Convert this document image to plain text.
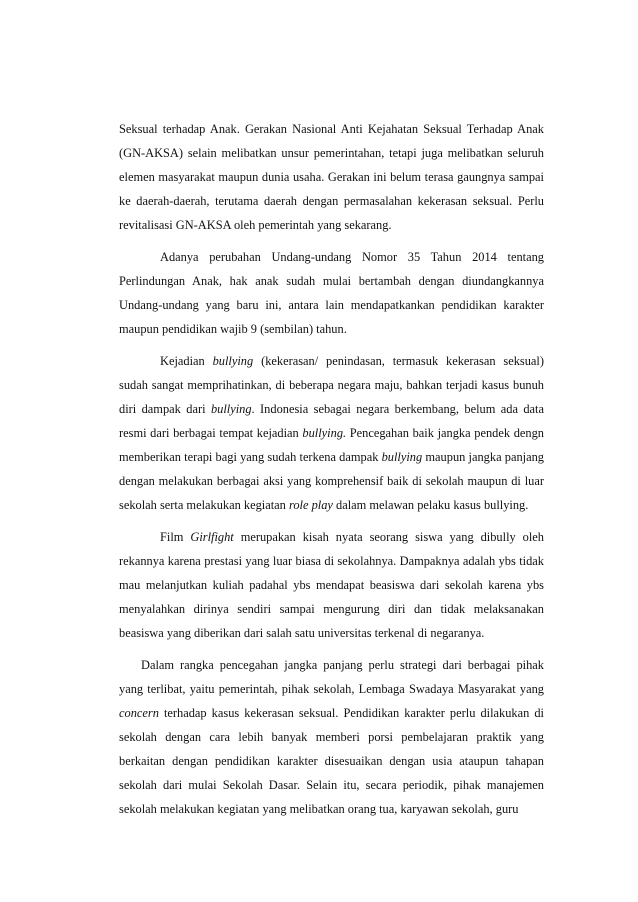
Seksual terhadap Anak. Gerakan Nasional Anti Kejahatan Seksual Terhadap Anak (GN-AKSA) selain melibatkan unsur pemerintahan, tetapi juga melibatkan seluruh elemen masyarakat maupun dunia usaha. Gerakan ini belum terasa gaungnya sampai ke daerah-daerah, terutama daerah dengan permasalahan kekerasan seksual. Perlu revitalisasi GN-AKSA oleh pemerintah yang sekarang.

Adanya perubahan Undang-undang Nomor 35 Tahun 2014 tentang Perlindungan Anak, hak anak sudah mulai bertambah dengan diundangkannya Undang-undang yang baru ini, antara lain mendapatkankan pendidikan karakter maupun pendidikan wajib 9 (sembilan) tahun.

Kejadian bullying (kekerasan/ penindasan, termasuk kekerasan seksual) sudah sangat memprihatinkan, di beberapa negara maju, bahkan terjadi kasus bunuh diri dampak dari bullying. Indonesia sebagai negara berkembang, belum ada data resmi dari berbagai tempat kejadian bullying. Pencegahan baik jangka pendek dengn memberikan terapi bagi yang sudah terkena dampak bullying maupun jangka panjang dengan melakukan berbagai aksi yang komprehensif baik di sekolah maupun di luar sekolah serta melakukan kegiatan role play dalam melawan pelaku kasus bullying.

Film Girlfight merupakan kisah nyata seorang siswa yang dibully oleh rekannya karena prestasi yang luar biasa di sekolahnya. Dampaknya adalah ybs tidak mau melanjutkan kuliah padahal ybs mendapat beasiswa dari sekolah karena ybs menyalahkan dirinya sendiri sampai mengurung diri dan tidak melaksanakan beasiswa yang diberikan dari salah satu universitas terkenal di negaranya.

Dalam rangka pencegahan jangka panjang perlu strategi dari berbagai pihak yang terlibat, yaitu pemerintah, pihak sekolah, Lembaga Swadaya Masyarakat yang concern terhadap kasus kekerasan seksual. Pendidikan karakter perlu dilakukan di sekolah dengan cara lebih banyak memberi porsi pembelajaran praktik yang berkaitan dengan pendidikan karakter disesuaikan dengan usia ataupun tahapan sekolah dari mulai Sekolah Dasar. Selain itu, secara periodik, pihak manajemen sekolah melakukan kegiatan yang melibatkan orang tua, karyawan sekolah, guru
